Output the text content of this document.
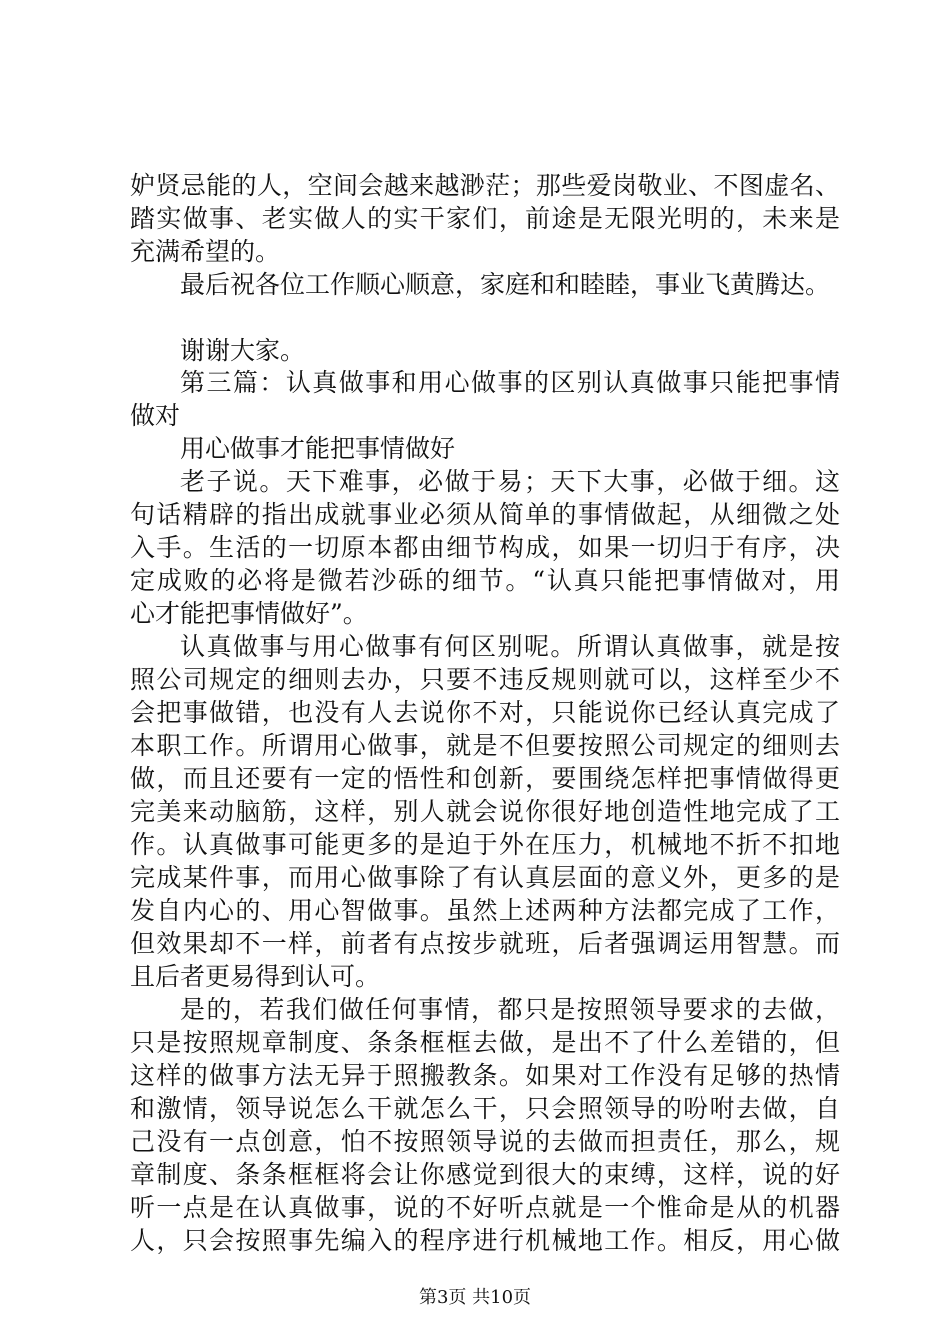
妒贤忌能的人，空间会越来越渺茫；那些爱岗敬业、不图虚名、
踏实做事、老实做人的实干家们，前途是无限光明的，未来是
充满希望的。
最后祝各位工作顺心顺意，家庭和和睦睦，事业飞黄腾达。
谢谢大家。
第三篇：认真做事和用心做事的区别认真做事只能把事情
做对
用心做事才能把事情做好
老子说。天下难事，必做于易；天下大事，必做于细。这
句话精辟的指出成就事业必须从简单的事情做起，从细微之处
入手。生活的一切原本都由细节构成，如果一切归于有序，决
定成败的必将是微若沙砾的细节。“认真只能把事情做对，用
心才能把事情做好”。
认真做事与用心做事有何区别呢。所谓认真做事，就是按
照公司规定的细则去办，只要不违反规则就可以，这样至少不
会把事做错，也没有人去说你不对，只能说你已经认真完成了
本职工作。所谓用心做事，就是不但要按照公司规定的细则去
做，而且还要有一定的悟性和创新，要围绕怎样把事情做得更
完美来动脑筋，这样，别人就会说你很好地创造性地完成了工
作。认真做事可能更多的是迫于外在压力，机械地不折不扣地
完成某件事，而用心做事除了有认真层面的意义外，更多的是
发自内心的、用心智做事。虽然上述两种方法都完成了工作，
但效果却不一样，前者有点按步就班，后者强调运用智慧。而
且后者更易得到认可。
是的，若我们做任何事情，都只是按照领导要求的去做，
只是按照规章制度、条条框框去做，是出不了什么差错的，但
这样的做事方法无异于照搬教条。如果对工作没有足够的热情
和激情，领导说怎么干就怎么干，只会照领导的吩咐去做，自
己没有一点创意，怕不按照领导说的去做而担责任，那么，规
章制度、条条框框将会让你感觉到很大的束缚，这样，说的好
听一点是在认真做事，说的不好听点就是一个惟命是从的机器
人，只会按照事先编入的程序进行机械地工作。相反，用心做
第3页 共10页
